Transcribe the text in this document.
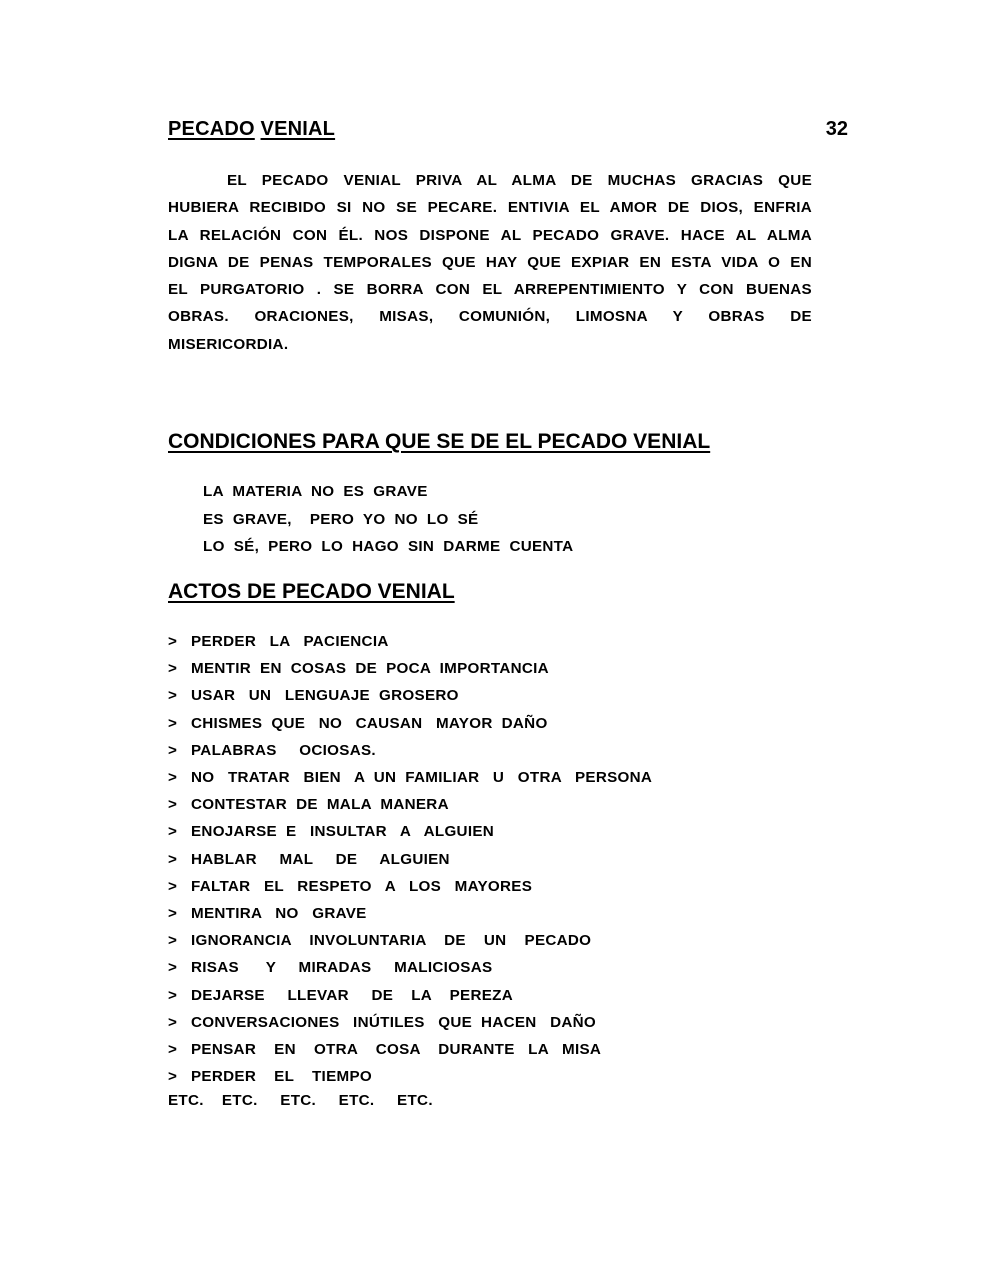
PECADO VENIAL	32

EL PECADO VENIAL PRIVA AL ALMA DE MUCHAS GRACIAS QUE HUBIERA RECIBIDO SI NO SE PECARE. ENTIVIA EL AMOR DE DIOS, ENFRIA LA RELACIÓN CON ÉL. NOS DISPONE AL PECADO GRAVE. HACE AL ALMA DIGNA DE PENAS TEMPORALES QUE HAY QUE EXPIAR EN ESTA VIDA O EN EL PURGATORIO . SE BORRA CON EL ARREPENTIMIENTO Y CON BUENAS OBRAS. ORACIONES, MISAS, COMUNIÓN, LIMOSNA Y OBRAS DE MISERICORDIA.

CONDICIONES PARA QUE SE DE EL PECADO VENIAL
LA  MATERIA  NO  ES  GRAVE
ES  GRAVE,    PERO  YO  NO  LO  SÉ
LO  SÉ,  PERO  LO  HAGO  SIN  DARME  CUENTA
ACTOS DE PECADO VENIAL
> PERDER   LA   PACIENCIA
> MENTIR  EN  COSAS  DE  POCA  IMPORTANCIA
> USAR   UN   LENGUAJE  GROSERO
> CHISMES  QUE   NO   CAUSAN   MAYOR  DAÑO
> PALABRAS     OCIOSAS.
> NO   TRATAR   BIEN   A  UN  FAMILIAR   U   OTRA   PERSONA
> CONTESTAR  DE  MALA  MANERA
> ENOJARSE  E   INSULTAR   A   ALGUIEN
> HABLAR     MAL     DE     ALGUIEN
> FALTAR   EL   RESPETO   A   LOS   MAYORES
> MENTIRA   NO   GRAVE
> IGNORANCIA    INVOLUNTARIA    DE    UN    PECADO
> RISAS      Y     MIRADAS     MALICIOSAS
> DEJARSE     LLEVAR     DE    LA    PEREZA
> CONVERSACIONES   INÚTILES   QUE  HACEN   DAÑO
> PENSAR    EN    OTRA    COSA    DURANTE   LA   MISA
> PERDER    EL    TIEMPO
ETC.    ETC.     ETC.     ETC.     ETC.
